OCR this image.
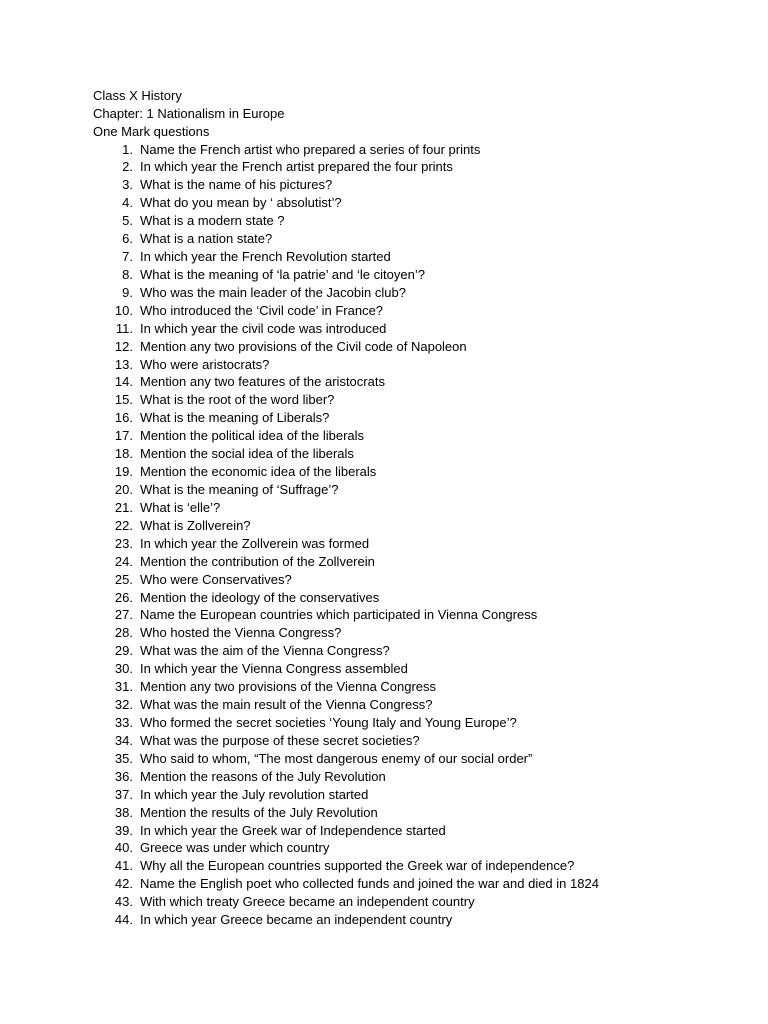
Class X History
Chapter: 1 Nationalism in Europe
One Mark questions
1. Name the French artist who prepared a series of four prints
2. In which year the French artist prepared the four prints
3. What is the name of his pictures?
4. What do you mean by ‘ absolutist’?
5. What is a modern state ?
6. What is a nation state?
7. In which year the French Revolution started
8. What is the meaning of ‘la patrie’ and ‘le citoyen’?
9. Who was the main leader of the Jacobin club?
10. Who introduced the ‘Civil code’ in France?
11. In which year the civil code was introduced
12. Mention any two provisions of the Civil code of Napoleon
13. Who were aristocrats?
14. Mention any two features of the aristocrats
15. What is the root of the word liber?
16. What is the meaning of Liberals?
17. Mention the political idea of the liberals
18. Mention the social idea of the liberals
19. Mention the economic idea of the liberals
20. What is the meaning of ‘Suffrage’?
21. What is ‘elle’?
22. What is Zollverein?
23. In which year the Zollverein was formed
24. Mention the contribution of the Zollverein
25. Who were Conservatives?
26. Mention the ideology of the conservatives
27. Name the European countries which participated in Vienna Congress
28. Who hosted the Vienna Congress?
29. What was the aim of the Vienna Congress?
30. In which year the Vienna Congress assembled
31. Mention any two provisions of the Vienna Congress
32. What was the main result of the Vienna Congress?
33. Who formed the secret societies ‘Young Italy and Young Europe’?
34. What was the purpose of these secret societies?
35. Who said to whom, “The most dangerous enemy of our social order”
36. Mention the reasons of the July Revolution
37. In which year the July revolution started
38. Mention the results of the July Revolution
39. In which year the Greek war of Independence started
40. Greece was under which country
41. Why all the European countries supported the Greek war of independence?
42. Name the English poet who collected funds and joined the war and died in 1824
43. With which treaty Greece became an independent country
44. In which year Greece became an independent country
